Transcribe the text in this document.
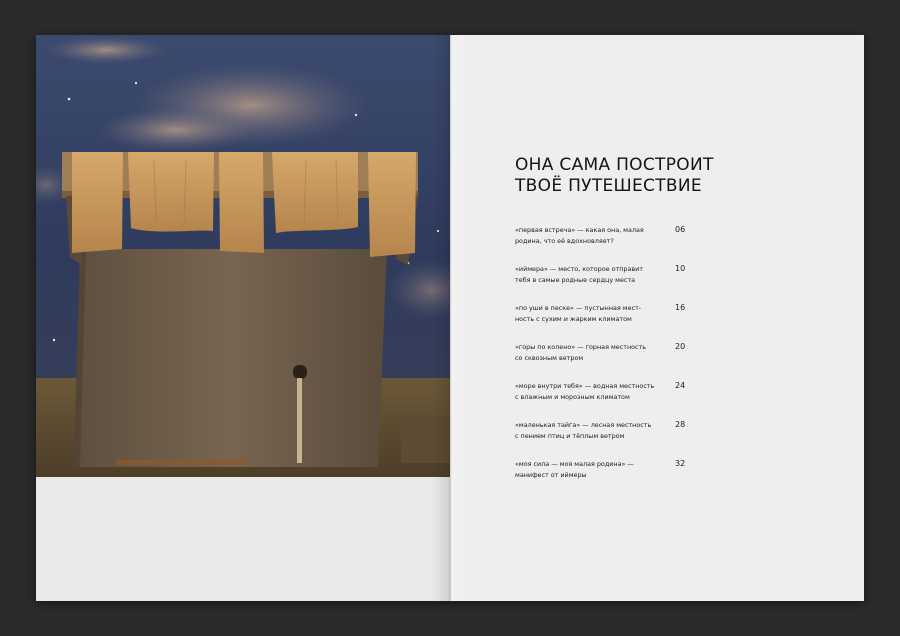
ОНА САМА ПОСТРОИТ
ТВОЁ ПУТЕШЕСТВИЕ
«первая встреча» — какая она, малая
родина, что её вдохновляет?
06
«иймера» — место, которое отправит
тебя в самые родные сердцу места
10
«по уши в песке» — пустынная мест-
ность с сухим и жарким климатом
16
«горы по колено» — горная местность
со сквозным ветром
20
«море внутри тебя» — водная местность
с влажным и морозным климатом
24
«маленькая тайга» — лесная местность
с пением птиц и тёплым ветром
28
«моя сила — моя малая родина» —
манифест от иймеры
32
